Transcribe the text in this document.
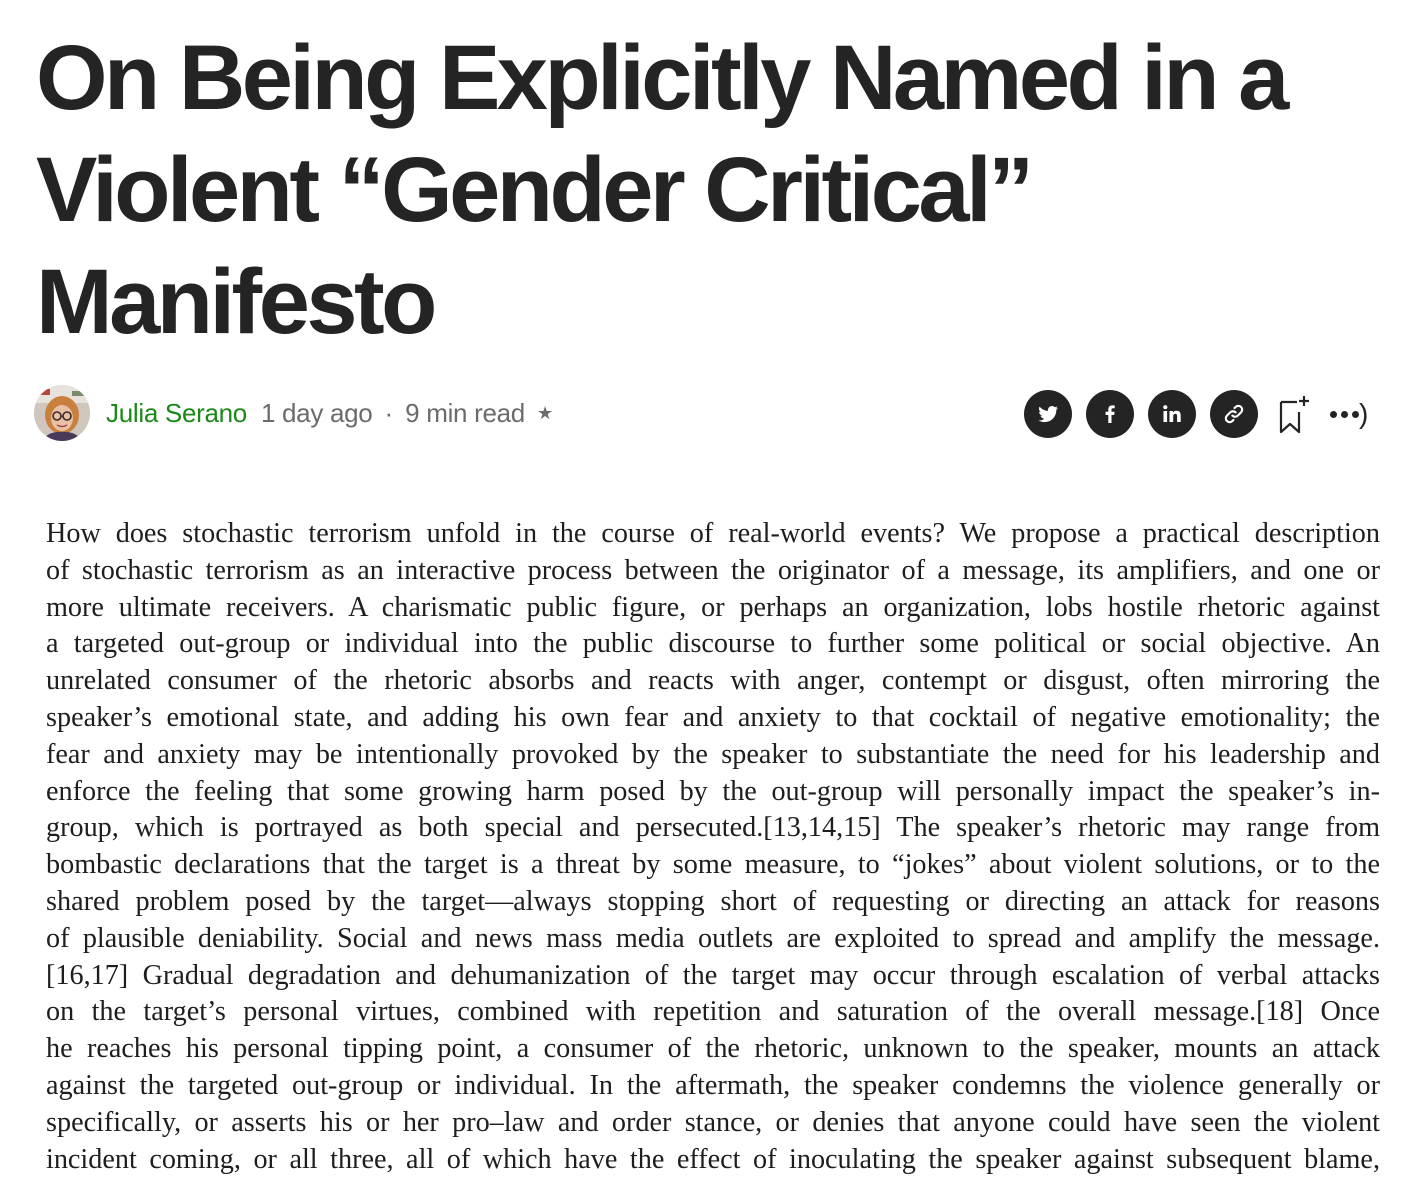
On Being Explicitly Named in a
Violent “Gender Critical”
Manifesto
Julia Serano 1 day ago · 9 min read ★	)
How does stochastic terrorism unfold in the course of real-world events? We propose a practical description
of stochastic terrorism as an interactive process between the originator of a message, its amplifiers, and one or
more ultimate receivers. A charismatic public figure, or perhaps an organization, lobs hostile rhetoric against
a targeted out-group or individual into the public discourse to further some political or social objective. An
unrelated consumer of the rhetoric absorbs and reacts with anger, contempt or disgust, often mirroring the
speaker’s emotional state, and adding his own fear and anxiety to that cocktail of negative emotionality; the
fear and anxiety may be intentionally provoked by the speaker to substantiate the need for his leadership and
enforce the feeling that some growing harm posed by the out-group will personally impact the speaker’s in-
group, which is portrayed as both special and persecuted.[13,14,15] The speaker’s rhetoric may range from
bombastic declarations that the target is a threat by some measure, to “jokes” about violent solutions, or to the
shared problem posed by the target—always stopping short of requesting or directing an attack for reasons
of plausible deniability. Social and news mass media outlets are exploited to spread and amplify the message.
[16,17] Gradual degradation and dehumanization of the target may occur through escalation of verbal attacks
on the target’s personal virtues, combined with repetition and saturation of the overall message.[18] Once
he reaches his personal tipping point, a consumer of the rhetoric, unknown to the speaker, mounts an attack
against the targeted out-group or individual. In the aftermath, the speaker condemns the violence generally or
specifically, or asserts his or her pro–law and order stance, or denies that anyone could have seen the violent
incident coming, or all three, all of which have the effect of inoculating the speaker against subsequent blame,
